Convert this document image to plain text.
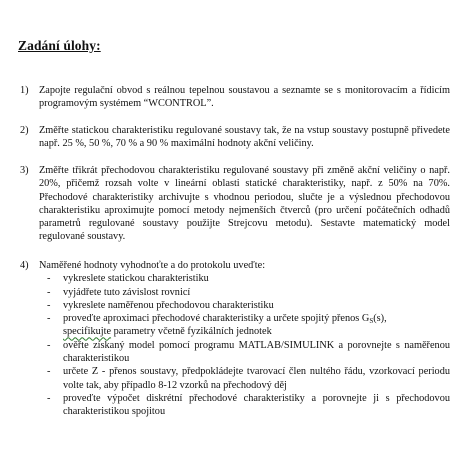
Zadání úlohy:
1)	Zapojte regulační obvod s reálnou tepelnou soustavou a seznamte se s monitorovacím a řídicím programovým systémem “WCONTROL”.

2)	Změřte statickou charakteristiku regulované soustavy tak, že na vstup soustavy postupně přivedete např. 25 %, 50 %, 70 % a 90 % maximální hodnoty akční veličiny.

3)	Změřte třikrát přechodovou charakteristiku regulované soustavy při změně akční veličiny o např. 20%, přičemž rozsah volte v lineární oblasti statické charakteristiky, např. z 50% na 70%. Přechodové charakteristiky archivujte s vhodnou periodou, slučte je a výslednou přechodovou charakteristiku aproximujte pomocí metody nejmenších čtverců (pro určení počátečních odhadů parametrů regulované soustavy použijte Strejcovu metodu). Sestavte matematický model regulované soustavy.

4)	Naměřené hodnoty vyhodnoťte a do protokolu uveďte:

- vykreslete statickou charakteristiku
- vyjádřete tuto závislost rovnicí
- vykreslete naměřenou přechodovou charakteristiku
- proveďte aproximaci přechodové charakteristiky a určete spojitý přenos $G_S(s)$,
specifikujte parametry včetně fyzikálních jednotek
- ověřte získaný model pomocí programu MATLAB/SIMULINK a porovnejte s naměřenou charakteristikou
- určete Z - přenos soustavy, předpokládejte tvarovací člen nultého řádu, vzorkovací periodu volte tak, aby případlo 8-12 vzorků na přechodový děj
- proveďte výpočet diskrétní přechodové charakteristiky a porovnejte ji s přechodovou charakteristikou spojitou
